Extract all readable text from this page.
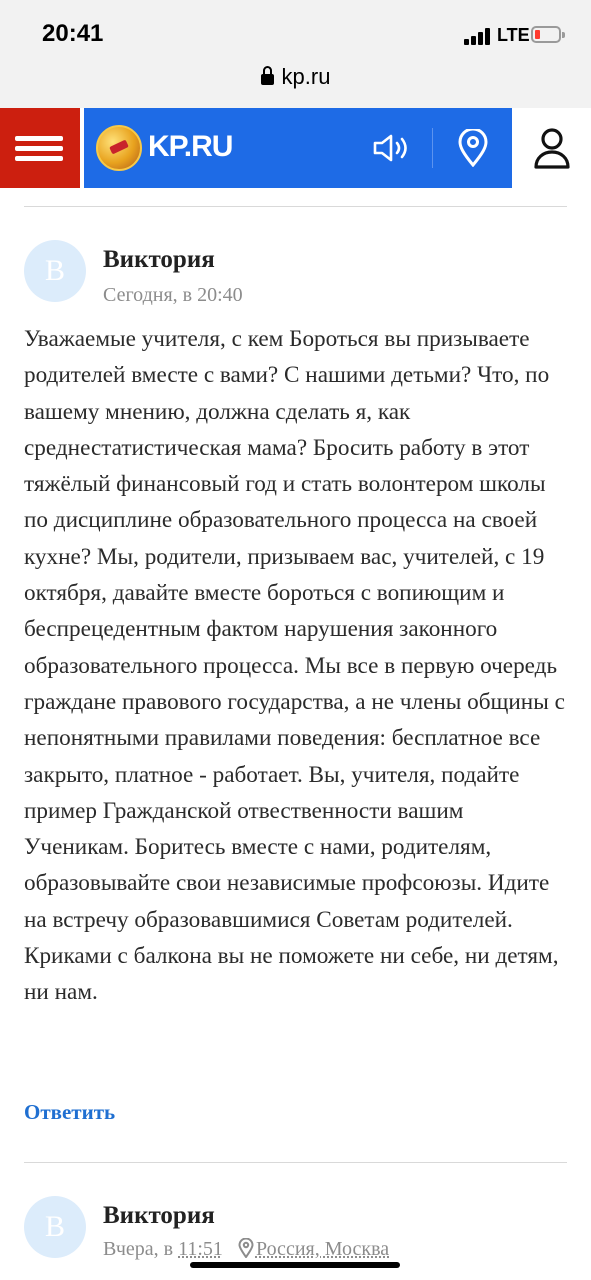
20:41	LTE
kp.ru
KP.RU
В	Виктория
Сегодня, в 20:40
Уважаемые учителя, с кем Бороться вы призываете родителей вместе с вами? С нашими детьми? Что, по вашему мнению, должна сделать я, как среднестатистическая мама? Бросить работу в этот тяжёлый финансовый год и стать волонтером школы по дисциплине образовательного процесса на своей кухне? Мы, родители, призываем вас, учителей, с 19 октября, давайте вместе бороться с вопиющим и беспрецедентным фактом нарушения законного образовательного процесса. Мы все в первую очередь граждане правового государства, а не члены общины с непонятными правилами поведения: бесплатное все закрыто, платное - работает. Вы, учителя, подайте пример Гражданской отвественности вашим Ученикам. Боритесь вместе с нами, родителям, образовывайте свои независимые профсоюзы. Идите на встречу образовавшимися Советам родителей. Криками с балкона вы не поможете ни себе, ни детям, ни нам.
Ответить
В	Виктория
Вчера, в 11:51 Россия, Москва
